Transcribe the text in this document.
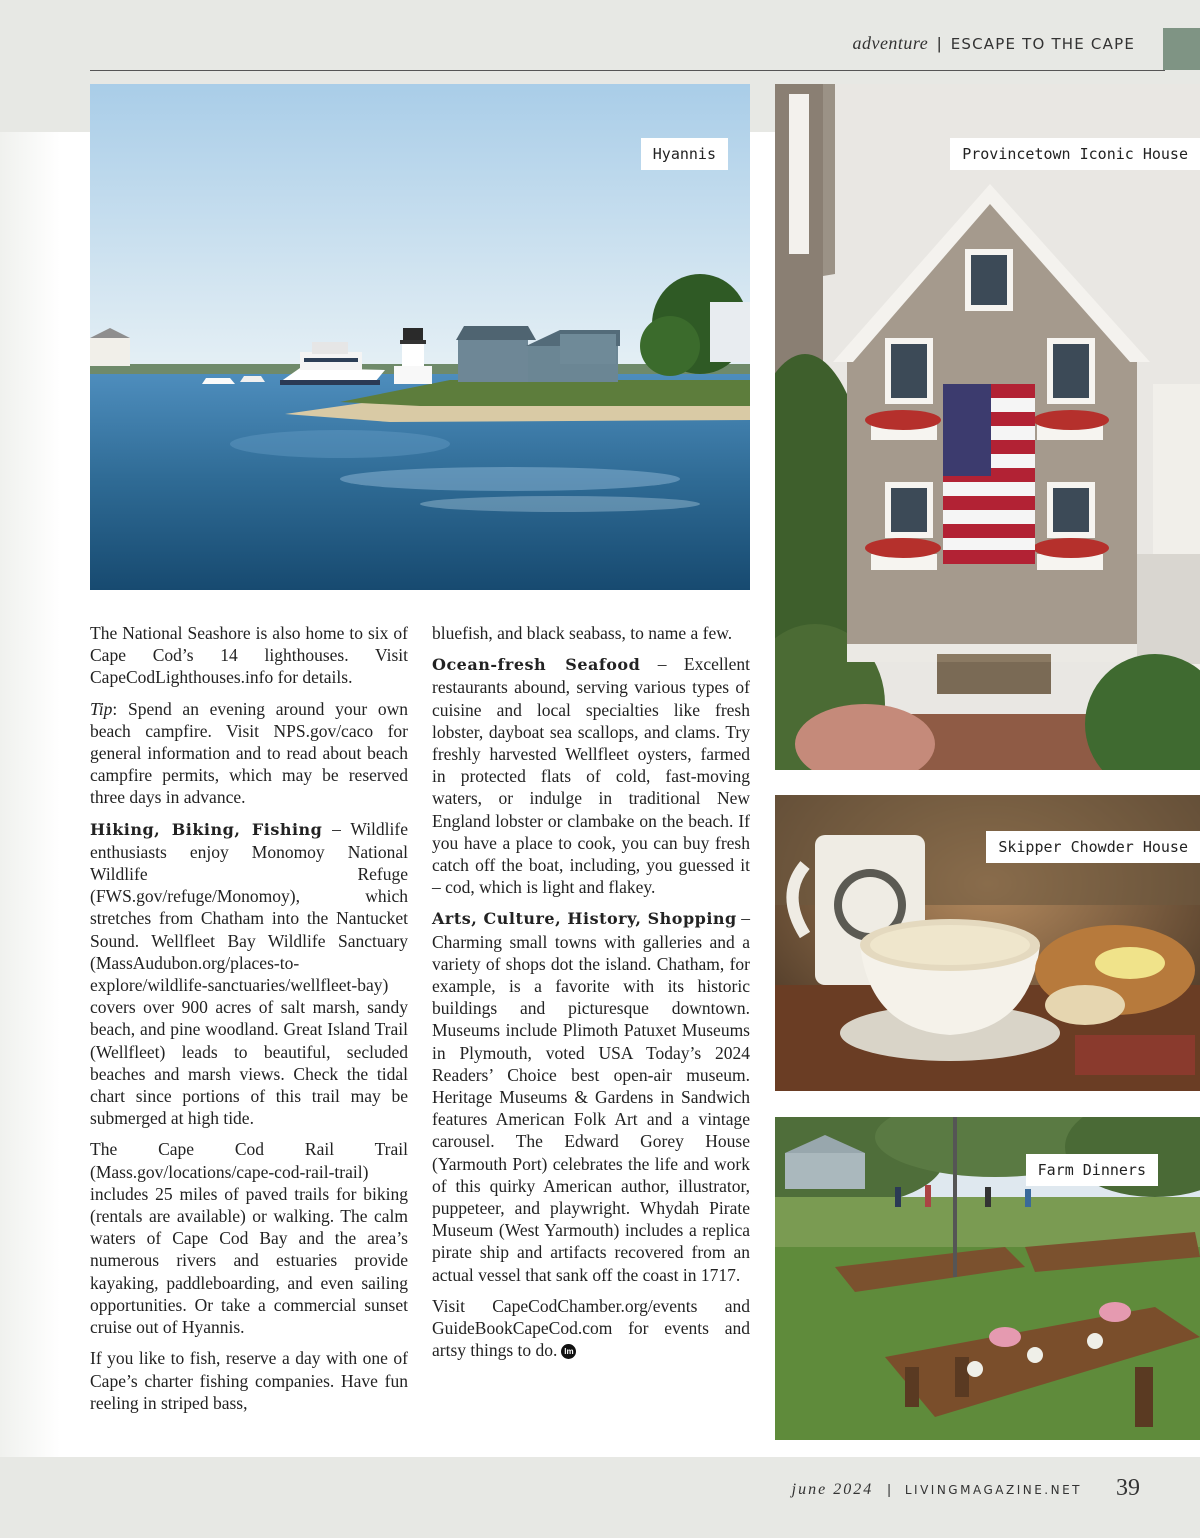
adventure | ESCAPE TO THE CAPE
Hyannis	Provincetown Iconic House
Skipper Chowder House
Farm Dinners

The National Seashore is also home to six of Cape Cod’s 14 lighthouses. Visit CapeCodLighthouses.info for details.

Tip: Spend an evening around your own beach campfire. Visit NPS.gov/caco for general information and to read about beach campfire permits, which may be reserved three days in advance.

Hiking, Biking, Fishing – Wildlife enthusiasts enjoy Monomoy National Wildlife Refuge (FWS.gov/refuge/Monomoy), which stretches from Chatham into the Nantucket Sound. Wellfleet Bay Wildlife Sanctuary (MassAudubon.org/places-to-explore/wildlife-sanctuaries/wellfleet-bay) covers over 900 acres of salt marsh, sandy beach, and pine woodland. Great Island Trail (Wellfleet) leads to beautiful, secluded beaches and marsh views. Check the tidal chart since portions of this trail may be submerged at high tide.

The Cape Cod Rail Trail (Mass.gov/locations/cape-cod-rail-trail) includes 25 miles of paved trails for biking (rentals are available) or walking. The calm waters of Cape Cod Bay and the area’s numerous rivers and estuaries provide kayaking, paddleboarding, and even sailing opportunities. Or take a commercial sunset cruise out of Hyannis.

If you like to fish, reserve a day with one of Cape’s charter fishing companies. Have fun reeling in striped bass,

bluefish, and black seabass, to name a few.

Ocean-fresh Seafood – Excellent restaurants abound, serving various types of cuisine and local specialties like fresh lobster, dayboat sea scallops, and clams. Try freshly harvested Wellfleet oysters, farmed in protected flats of cold, fast-moving waters, or indulge in traditional New England lobster or clambake on the beach. If you have a place to cook, you can buy fresh catch off the boat, including, you guessed it – cod, which is light and flakey.

Arts, Culture, History, Shopping – Charming small towns with galleries and a variety of shops dot the island. Chatham, for example, is a favorite with its historic buildings and picturesque downtown. Museums include Plimoth Patuxet Museums in Plymouth, voted USA Today’s 2024 Readers’ Choice best open-air museum. Heritage Museums & Gardens in Sandwich features American Folk Art and a vintage carousel. The Edward Gorey House (Yarmouth Port) celebrates the life and work of this quirky American author, illustrator, puppeteer, and playwright. Whydah Pirate Museum (West Yarmouth) includes a replica pirate ship and artifacts recovered from an actual vessel that sank off the coast in 1717.

Visit CapeCodChamber.org/events and GuideBookCapeCod.com for events and artsy things to do. lm

june 2024 | LIVINGMAGAZINE.NET 39
